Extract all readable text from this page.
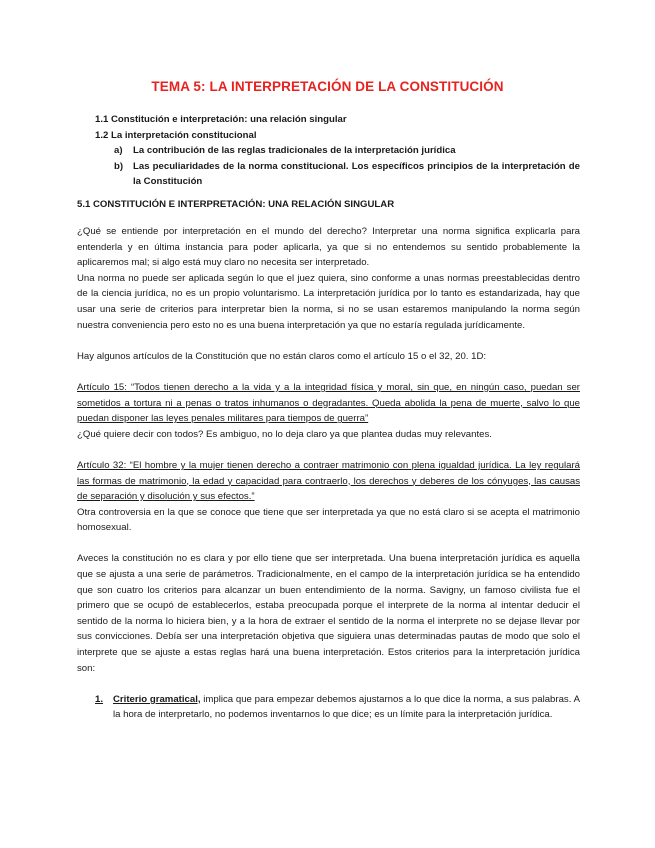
TEMA 5: LA INTERPRETACIÓN DE LA CONSTITUCIÓN
1.1 Constitución e interpretación: una relación singular
1.2 La interpretación constitucional
a)	La contribución de las reglas tradicionales de la interpretación jurídica
b)	Las peculiaridades de la norma constitucional. Los específicos principios de la interpretación de la Constitución
5.1 CONSTITUCIÓN E INTERPRETACIÓN: UNA RELACIÓN SINGULAR

¿Qué se entiende por interpretación en el mundo del derecho? Interpretar una norma significa explicarla para entenderla y en última instancia para poder aplicarla, ya que si no entendemos su sentido probablemente la aplicaremos mal; si algo está muy claro no necesita ser interpretado.

Una norma no puede ser aplicada según lo que el juez quiera, sino conforme a unas normas preestablecidas dentro de la ciencia jurídica, no es un propio voluntarismo. La interpretación jurídica por lo tanto es estandarizada, hay que usar una serie de criterios para interpretar bien la norma, si no se usan estaremos manipulando la norma según nuestra conveniencia pero esto no es una buena interpretación ya que no estaría regulada jurídicamente.

Hay algunos artículos de la Constitución que no están claros como el artículo 15 o el 32, 20. 1D:

Artículo 15: “Todos tienen derecho a la vida y a la integridad física y moral, sin que, en ningún caso, puedan ser sometidos a tortura ni a penas o tratos inhumanos o degradantes. Queda abolida la pena de muerte, salvo lo que puedan disponer las leyes penales militares para tiempos de guerra”

¿Qué quiere decir con todos? Es ambiguo, no lo deja claro ya que plantea dudas muy relevantes.

Artículo 32: “El hombre y la mujer tienen derecho a contraer matrimonio con plena igualdad jurídica. La ley regulará las formas de matrimonio, la edad y capacidad para contraerlo, los derechos y deberes de los cónyuges, las causas de separación y disolución y sus efectos.”

Otra controversia en la que se conoce que tiene que ser interpretada ya que no está claro si se acepta el matrimonio homosexual.

Aveces la constitución no es clara y por ello tiene que ser interpretada. Una buena interpretación jurídica es aquella que se ajusta a una serie de parámetros. Tradicionalmente, en el campo de la interpretación jurídica se ha entendido que son cuatro los criterios para alcanzar un buen entendimiento de la norma. Savigny, un famoso civilista fue el primero que se ocupó de establecerlos, estaba preocupada porque el interprete de la norma al intentar deducir el sentido de la norma lo hiciera bien, y a la hora de extraer el sentido de la norma el interprete no se dejase llevar por sus convicciones. Debía ser una interpretación objetiva que siguiera unas determinadas pautas de modo que solo el interprete que se ajuste a estas reglas hará una buena interpretación. Estos criterios para la interpretación jurídica son:

1.	Criterio gramatical, implica que para empezar debemos ajustarnos a lo que dice la norma, a sus palabras. A la hora de interpretarlo, no podemos inventarnos lo que dice; es un límite para la interpretación jurídica.
